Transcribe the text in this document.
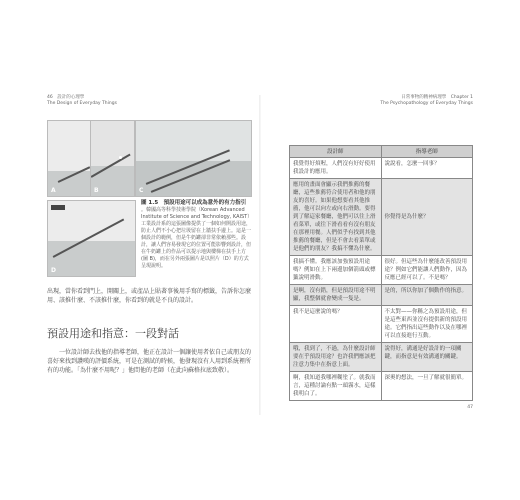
46　 設計的心理學
The Design of Everyday Things
日常事物的精神病理學　 Chapter 1
The Psychopathology of Everyday Things
A	B	C
D
圖 1.5　預設用途可以成為意外的有力指引
。韓國高等科學技術學院（Korean Advanced Institute of Science and Technology, KAIST）工業設計系的這張圖像提供了一個如何開設用途，防止人們不小心把垃圾留在上牆扶手邊上。這是一個設計的範例，但是牛奶罐卻非常依賴那些。設計，讓人們容易發現它的位置可能影響到設計，但在牛奶罐上的作品可以提示地與樓梯在扶手上方 (圖 B)，而在另外兩張圖片是以照片（D）的方式呈現說明。
出現，當你看到門上，開關上，或產品上貼著事後用手寫的標籤，告訴你怎麼用、該推什麼、不該推什麼，你看到的就是不良的設計。
預設用途和指意：一段對話
一位設計師去找他的指導老師，他正在設計一個讓使用者依自己或朋友的喜好來找到讚嘆的評價系統，可是在測試的時候，他發現沒有人用到系統裡所有的功能。「為什麼不用呢？」他問他的老師（在此向蘇格拉底致敬）。
設計師	指導老師
我覺得好煩喔，人們沒有好好使用我設計的應用。	說說看，怎麼一回事？
應用的畫面會顯示我們推薦的餐廳，這些推薦符合使用者和他的朋友的喜好。如果他想要看其他推薦，他可以向左或向右滑動。要得到了解這家餐廳，他們可以往上滑看菜單，或往下滑看看有沒有朋友在那裡用餐。人們似乎有找到其他推薦的餐廳，但是不會去看菜單或是他們的朋友？我搞不懂為什麼。	你覺得是為什麼？
我搞不懂。我應該加強預設用途嗎？例如在上下兩邊加個箭頭或標籤說明滑動。	很好。但這些為什麼能改善預設用途？例如它們能讓人們動作，因為反應已經可以了。不是嗎？
是啊，沒有錯，但是預設用途不明顯，我整個就會變成一隻是。	是的，所以你加了個動作的指意。
我不是這麼說的嗎？	不太對——你稱之為預設用途，但是這些東西並沒有提供新的預設用途。它們指出這些動作以及在哪裡可以直接進行互動。
哦，我到了，不過，為什麼設計師要在乎預設用途？也許我們應該把注意力集中在指意上面。	說得好，溝通是好設計的一項關鍵，而指意是有效溝通的關鍵。
啊，我知道我哪裡糊塗了。就我而言，這種討論有點一頭霧水，這樣我明白了。	深奧的想法，一旦了解就很簡單。
47
